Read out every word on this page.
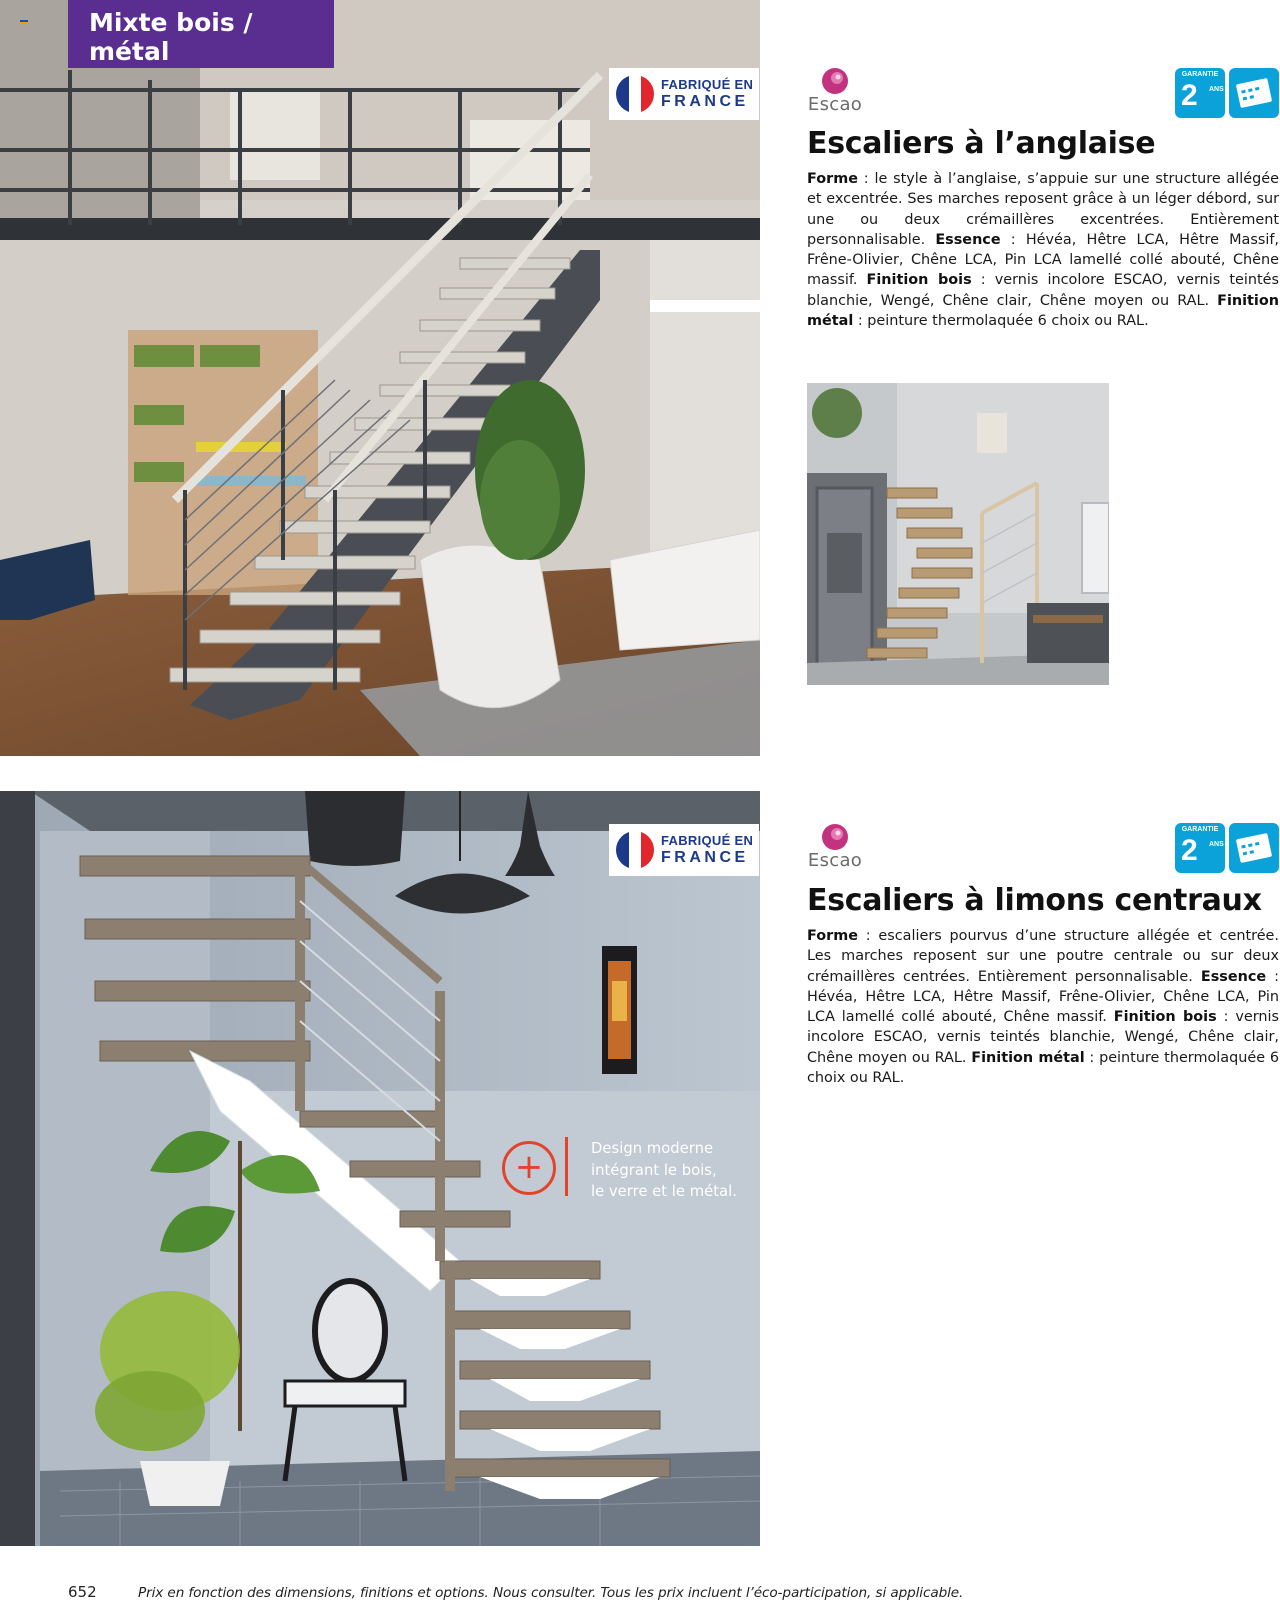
Mixte bois / métal
FABRIQUÉ EN
FRANCE	Escao
GARANTIE
2 ANS
Escaliers à l’anglaise

Forme : le style à l’anglaise, s’appuie sur une structure allégée et excentrée. Ses marches reposent grâce à un léger débord, sur une ou deux crémaillères excentrées. Entièrement personnalisable. Essence : Hévéa, Hêtre LCA, Hêtre Massif, Frêne-Olivier, Chêne LCA, Pin LCA lamellé collé abouté, Chêne massif. Finition bois : vernis incolore ESCAO, vernis teintés blanchie, Wengé, Chêne clair, Chêne moyen ou RAL. Finition métal : peinture thermolaquée 6 choix ou RAL.

FABRIQUÉ EN
FRANCE
+	Design moderne
intégrant le bois,
le verre et le métal.
Escao
GARANTIE
2 ANS
Escaliers à limons centraux

Forme : escaliers pourvus d’une structure allégée et centrée. Les marches reposent sur une poutre centrale ou sur deux crémaillères centrées. Entièrement personnalisable. Essence : Hévéa, Hêtre LCA, Hêtre Massif, Frêne-Olivier, Chêne LCA, Pin LCA lamellé collé abouté, Chêne massif. Finition bois : vernis incolore ESCAO, vernis teintés blanchie, Wengé, Chêne clair, Chêne moyen ou RAL. Finition métal : peinture thermolaquée 6 choix ou RAL.

652	Prix en fonction des dimensions, finitions et options. Nous consulter. Tous les prix incluent l’éco-participation, si applicable.
